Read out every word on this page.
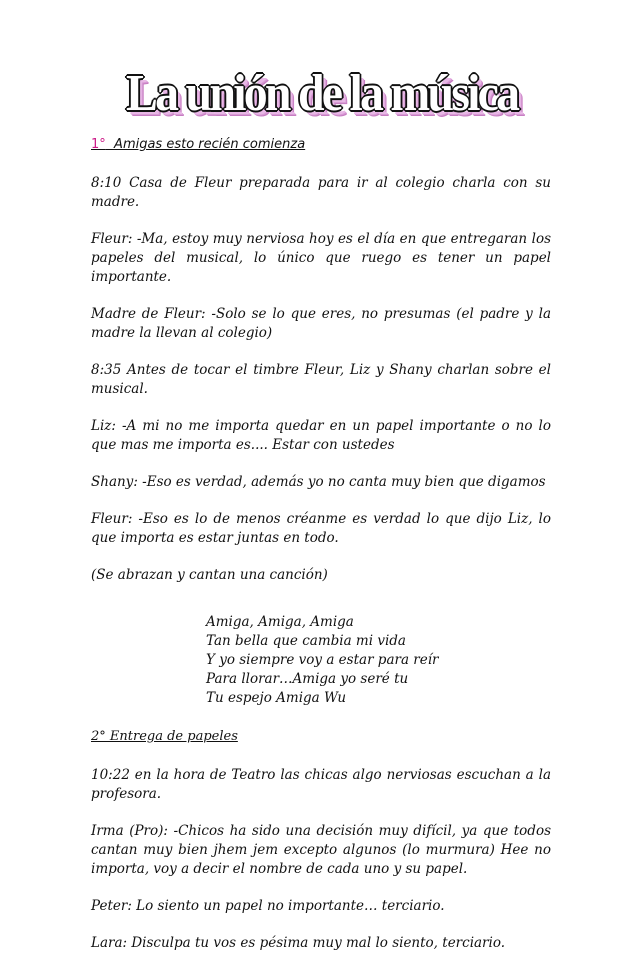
La unión de la música
1° Amigas esto recién comienza

8:10 Casa de Fleur preparada para ir al colegio charla con su madre.

Fleur: -Ma, estoy muy nerviosa hoy es el día en que entregaran los papeles del musical, lo único que ruego es tener un papel importante.

Madre de Fleur: -Solo se lo que eres, no presumas (el padre y la madre la llevan al colegio)

8:35 Antes de tocar el timbre Fleur, Liz y Shany charlan sobre el musical.

Liz: -A mi no me importa quedar en un papel importante o no lo que mas me importa es.... Estar con ustedes

Shany: -Eso es verdad, además yo no canta muy bien que digamos

Fleur: -Eso es lo de menos créanme es verdad lo que dijo Liz, lo que importa es estar juntas en todo.

(Se abrazan y cantan una canción)

Amiga, Amiga, Amiga
Tan bella que cambia mi vida
Y yo siempre voy a estar para reír
Para llorar…Amiga yo seré tu
Tu espejo Amiga Wu
2° Entrega de papeles

10:22 en la hora de Teatro las chicas algo nerviosas escuchan a la profesora.

Irma (Pro): -Chicos ha sido una decisión muy difícil, ya que todos cantan muy bien jhem jem excepto algunos (lo murmura) Hee no importa, voy a decir el nombre de cada uno y su papel.

Peter: Lo siento un papel no importante… terciario.

Lara: Disculpa tu vos es pésima muy mal lo siento, terciario.
